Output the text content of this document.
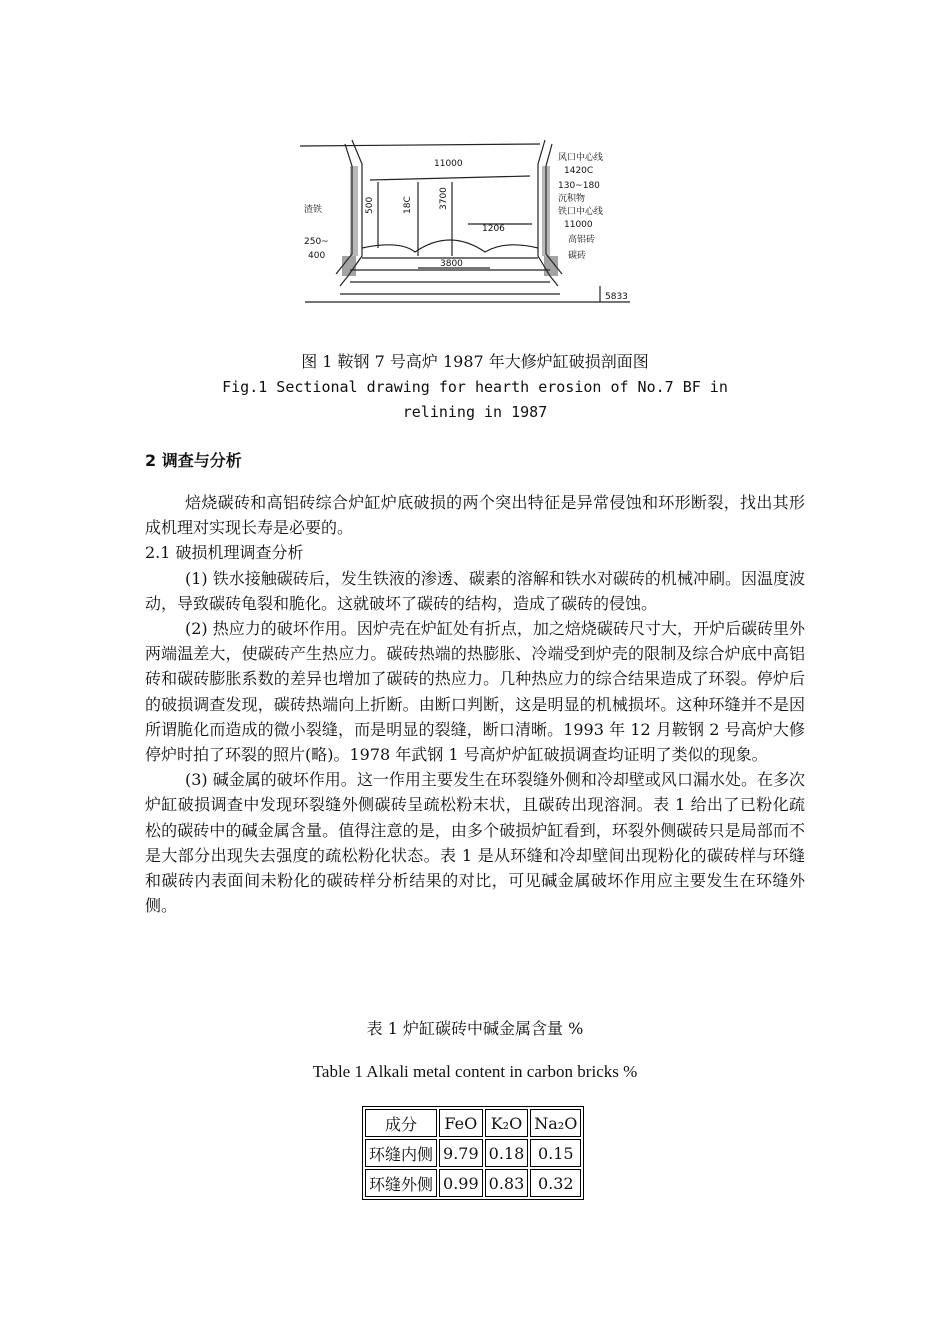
11000
500	18C	3700
1206
3800
渣铁
250~
400
风口中心线
1420C
130~180
沉积物
铁口中心线
11000
高铝砖
碳砖
5833
图 1 鞍钢 7 号高炉 1987 年大修炉缸破损剖面图
Fig.1 Sectional drawing for hearth erosion of No.7 BF in
relining in 1987
2 调查与分析

焙烧碳砖和高铝砖综合炉缸炉底破损的两个突出特征是异常侵蚀和环形断裂，找出其形成机理对实现长寿是必要的。

2.1 破损机理调查分析

(1) 铁水接触碳砖后，发生铁液的渗透、碳素的溶解和铁水对碳砖的机械冲刷。因温度波动，导致碳砖龟裂和脆化。这就破坏了碳砖的结构，造成了碳砖的侵蚀。

(2) 热应力的破坏作用。因炉壳在炉缸处有折点，加之焙烧碳砖尺寸大，开炉后碳砖里外两端温差大，使碳砖产生热应力。碳砖热端的热膨胀、冷端受到炉壳的限制及综合炉底中高铝砖和碳砖膨胀系数的差异也增加了碳砖的热应力。几种热应力的综合结果造成了环裂。停炉后的破损调查发现，碳砖热端向上折断。由断口判断，这是明显的机械损坏。这种环缝并不是因所谓脆化而造成的微小裂缝，而是明显的裂缝，断口清晰。1993 年 12 月鞍钢 2 号高炉大修停炉时拍了环裂的照片(略)。1978 年武钢 1 号高炉炉缸破损调查均证明了类似的现象。

(3) 碱金属的破坏作用。这一作用主要发生在环裂缝外侧和冷却壁或风口漏水处。在多次炉缸破损调查中发现环裂缝外侧碳砖呈疏松粉末状，且碳砖出现溶洞。表 1 给出了已粉化疏松的碳砖中的碱金属含量。值得注意的是，由多个破损炉缸看到，环裂外侧碳砖只是局部而不是大部分出现失去强度的疏松粉化状态。表 1 是从环缝和冷却壁间出现粉化的碳砖样与环缝和碳砖内表面间未粉化的碳砖样分析结果的对比，可见碱金属破坏作用应主要发生在环缝外侧。

表 1 炉缸碳砖中碱金属含量 %
Table 1 Alkali metal content in carbon bricks %
成分	FeO	K₂O	Na₂O
环缝内侧	9.79	0.18	0.15
环缝外侧	0.99	0.83	0.32
